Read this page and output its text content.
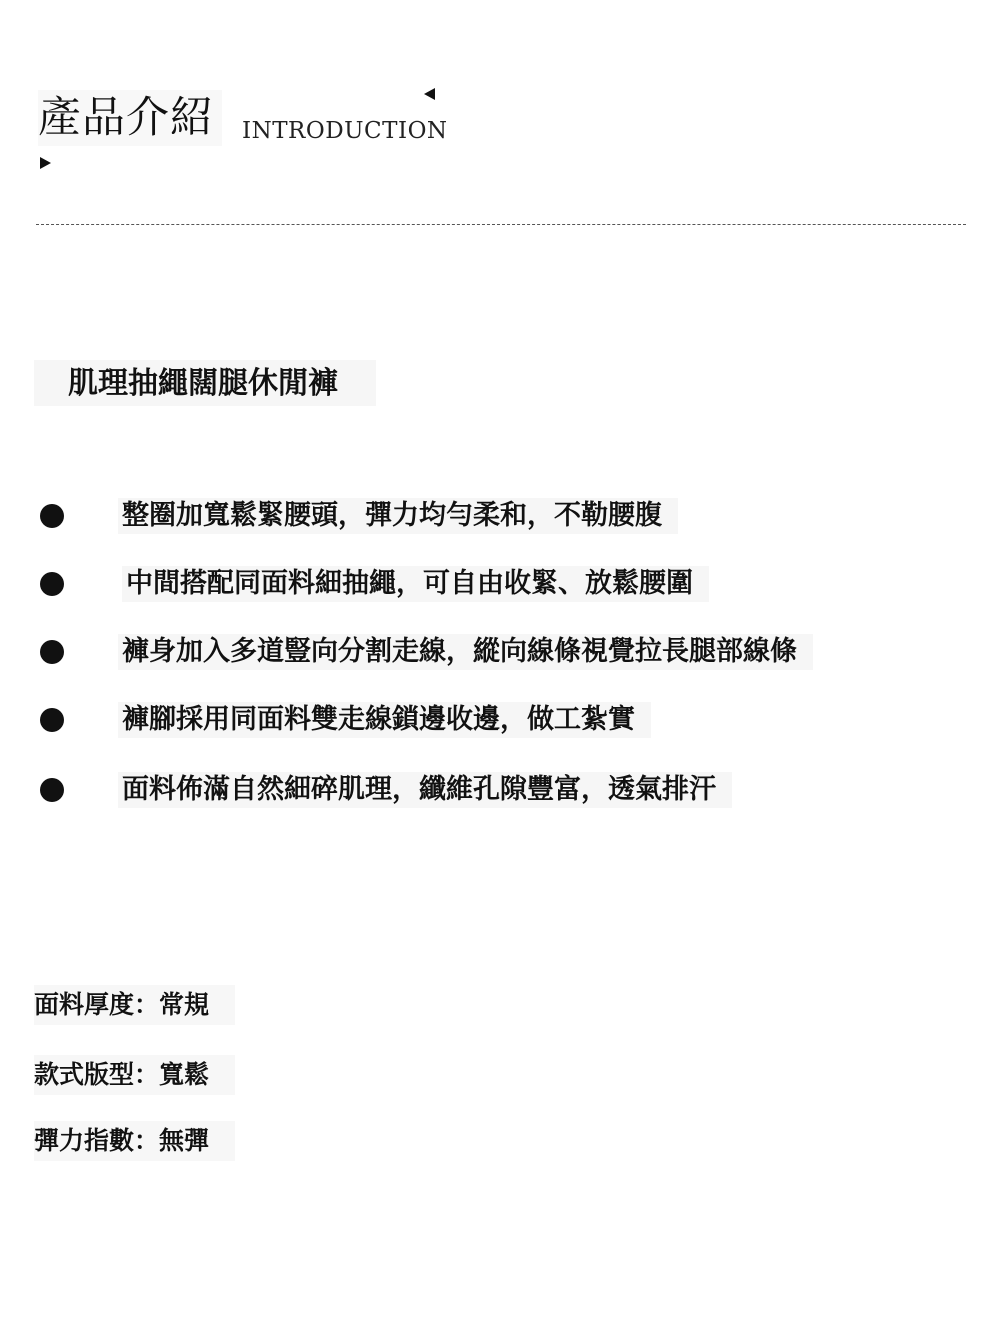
產品介紹	INTRODUCTION
肌理抽繩闊腿休閒褲
整圈加寬鬆緊腰頭，彈力均勻柔和，不勒腰腹
中間搭配同面料細抽繩，可自由收緊、放鬆腰圍
褲身加入多道豎向分割走線，縱向線條視覺拉長腿部線條
褲腳採用同面料雙走線鎖邊收邊，做工紮實
面料佈滿自然細碎肌理，纖維孔隙豐富，透氣排汗
面料厚度：常規
款式版型：寬鬆
彈力指數：無彈
